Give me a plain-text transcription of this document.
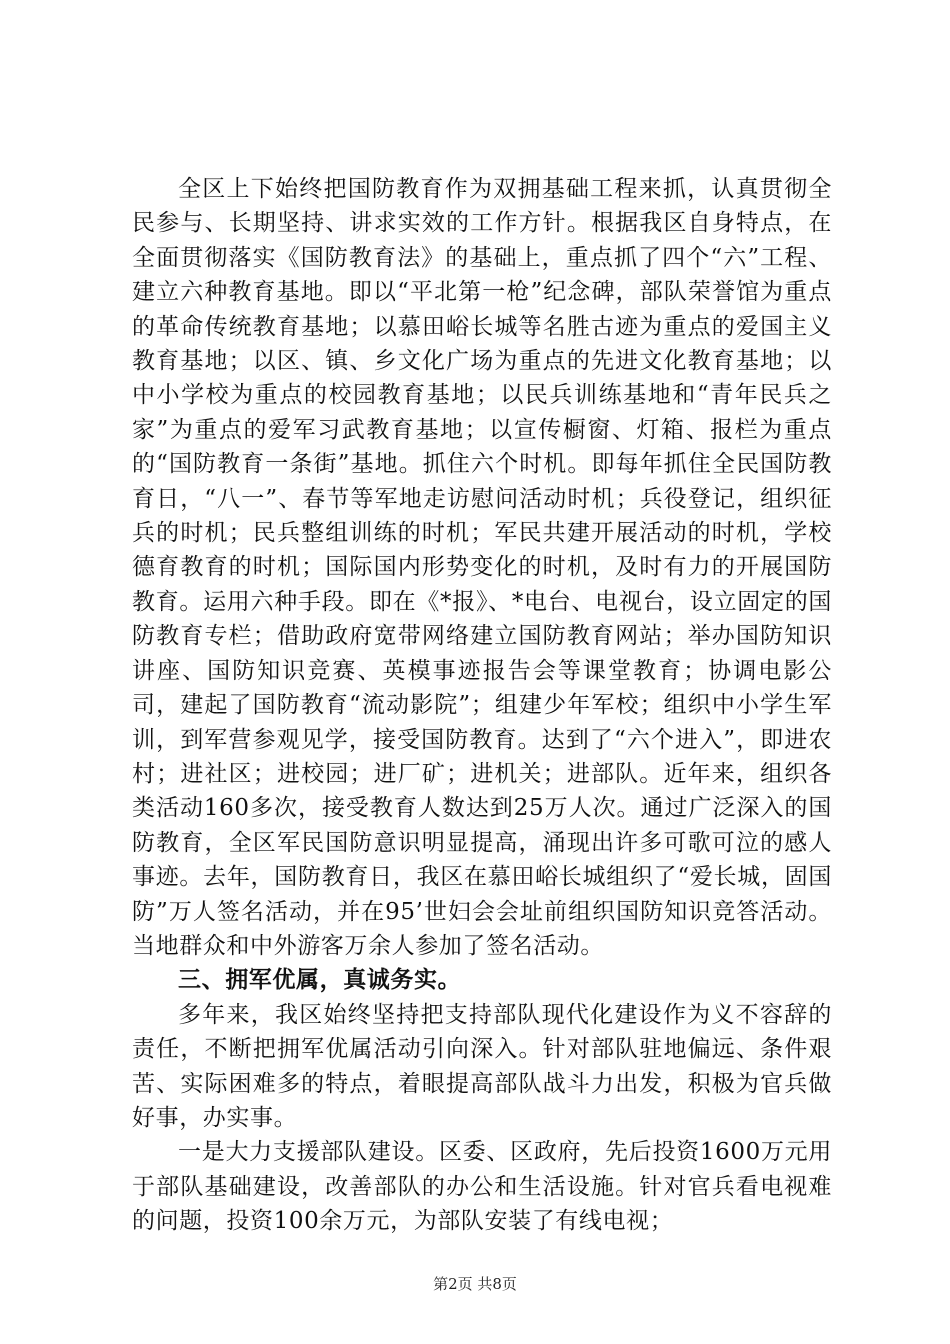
全区上下始终把国防教育作为双拥基础工程来抓，认真贯彻全民参与、长期坚持、讲求实效的工作方针。根据我区自身特点，在全面贯彻落实《国防教育法》的基础上，重点抓了四个“六”工程、建立六种教育基地。即以“平北第一枪”纪念碑，部队荣誉馆为重点的革命传统教育基地；以慕田峪长城等名胜古迹为重点的爱国主义教育基地；以区、镇、乡文化广场为重点的先进文化教育基地；以中小学校为重点的校园教育基地；以民兵训练基地和“青年民兵之家”为重点的爱军习武教育基地；以宣传橱窗、灯箱、报栏为重点的“国防教育一条街”基地。抓住六个时机。即每年抓住全民国防教育日，“八一”、春节等军地走访慰问活动时机；兵役登记，组织征兵的时机；民兵整组训练的时机；军民共建开展活动的时机，学校德育教育的时机；国际国内形势变化的时机，及时有力的开展国防教育。运用六种手段。即在《*报》、*电台、电视台，设立固定的国防教育专栏；借助政府宽带网络建立国防教育网站；举办国防知识讲座、国防知识竞赛、英模事迹报告会等课堂教育；协调电影公司，建起了国防教育“流动影院”；组建少年军校；组织中小学生军训，到军营参观见学，接受国防教育。达到了“六个进入”，即进农村；进社区；进校园；进厂矿；进机关；进部队。近年来，组织各类活动160多次，接受教育人数达到25万人次。通过广泛深入的国防教育，全区军民国防意识明显提高，涌现出许多可歌可泣的感人事迹。去年，国防教育日，我区在慕田峪长城组织了“爱长城，固国防”万人签名活动，并在95’世妇会会址前组织国防知识竞答活动。当地群众和中外游客万余人参加了签名活动。

三、拥军优属，真诚务实。

多年来，我区始终坚持把支持部队现代化建设作为义不容辞的责任，不断把拥军优属活动引向深入。针对部队驻地偏远、条件艰苦、实际困难多的特点，着眼提高部队战斗力出发，积极为官兵做好事，办实事。

一是大力支援部队建设。区委、区政府，先后投资1600万元用于部队基础建设，改善部队的办公和生活设施。针对官兵看电视难的问题，投资100余万元，为部队安装了有线电视；

第2页 共8页
